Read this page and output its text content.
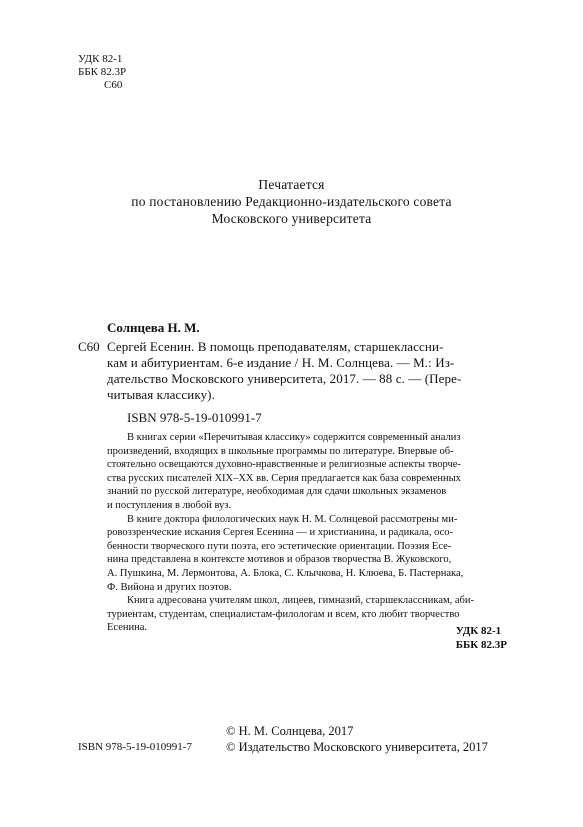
УДК 82-1
ББК 82.3Р
С60
Печатается
по постановлению Редакционно-издательского совета
Московского университета
Солнцева Н. М.
С60 Сергей Есенин. В помощь преподавателям, старшеклассни-
кам и абитуриентам. 6-е издание / Н. М. Солнцева. — М.: Из-
дательство Московского университета, 2017. — 88 с. — (Пере-
читывая классику).
ISBN 978-5-19-010991-7
В книгах серии «Перечитывая классику» содержится современный анализ
произведений, входящих в школьные программы по литературе. Впервые об-
стоятельно освещаются духовно-нравственные и религиозные аспекты творче-
ства русских писателей XIX–XX вв. Серия предлагается как база современных
знаний по русской литературе, необходимая для сдачи школьных экзаменов
и поступления в любой вуз.
В книге доктора филологических наук Н. М. Солнцевой рассмотрены ми-
ровоззренческие искания Сергея Есенина — и христианина, и радикала, осо-
бенности творческого пути поэта, его эстетические ориентации. Поэзия Есе-
нина представлена в контексте мотивов и образов творчества В. Жуковского,
А. Пушкина, М. Лермонтова, А. Блока, С. Клычкова, Н. Клюева, Б. Пастернака,
Ф. Вийона и других поэтов.
Книга адресована учителям школ, лицеев, гимназий, старшеклассникам, аби-
туриентам, студентам, специалистам-филологам и всем, кто любит творчество
Есенина.	УДК 82-1
ББК 82.3Р
© Н. М. Солнцева, 2017
ISBN 978-5-19-010991-7	© Издательство Московского университета, 2017
